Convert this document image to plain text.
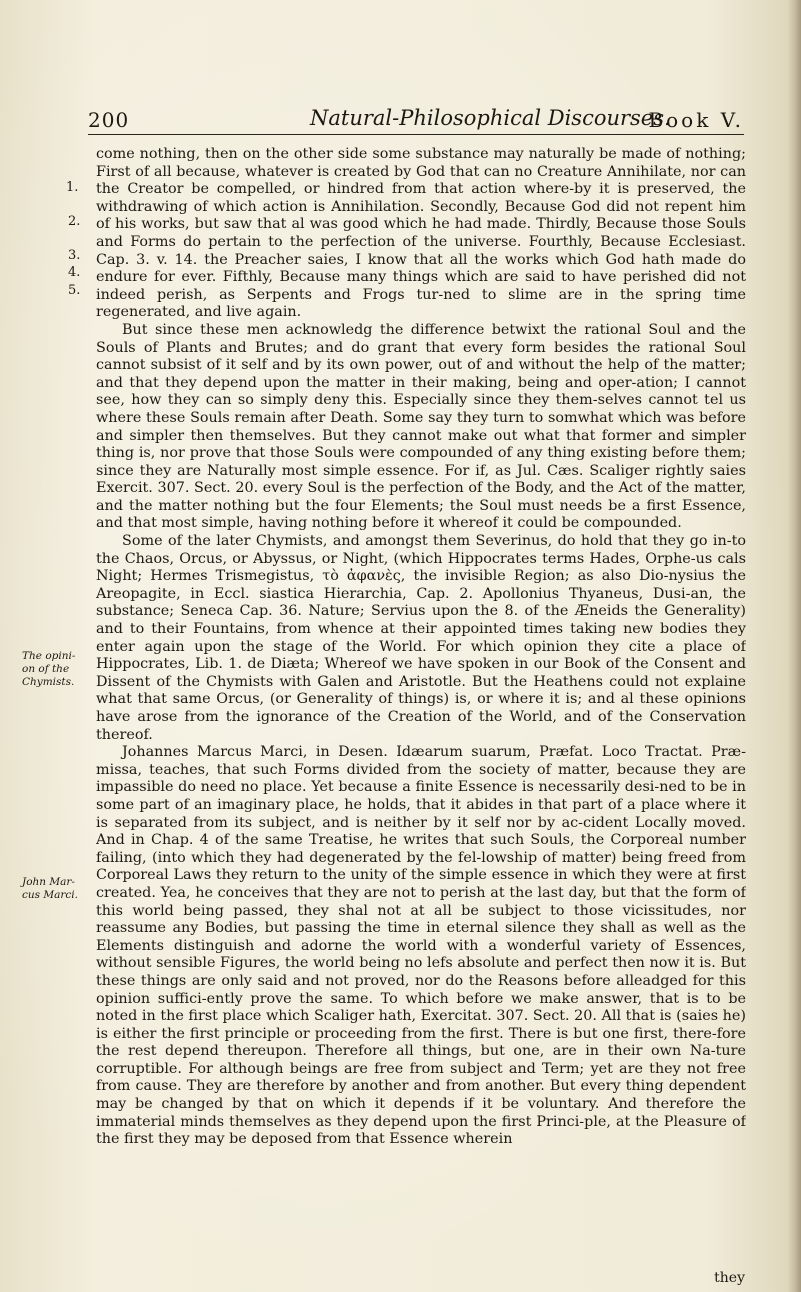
200	Natural-Philosophical Discourses.
Book V.
1.
2.
3.
4.
5.
The opini-
on of the
Chymists.
John Mar-
cus Marci.

come nothing, then on the other side some substance may naturally be made of nothing; First of all because, whatever is created by God that can no Creature Annihilate, nor can the Creator be compelled, or hindred from that action where-by it is preserved, the withdrawing of which action is Annihilation. Secondly, Because God did not repent him of his works, but saw that al was good which he had made. Thirdly, Because those Souls and Forms do pertain to the perfection of the universe. Fourthly, Because Ecclesiast. Cap. 3. v. 14. the Preacher saies, I know that all the works which God hath made do endure for ever. Fifthly, Because many things which are said to have perished did not indeed perish, as Serpents and Frogs tur-ned to slime are in the spring time regenerated, and live again.

But since these men acknowledg the difference betwixt the rational Soul and the Souls of Plants and Brutes; and do grant that every form besides the rational Soul cannot subsist of it self and by its own power, out of and without the help of the matter; and that they depend upon the matter in their making, being and oper-ation; I cannot see, how they can so simply deny this. Especially since they them-selves cannot tel us where these Souls remain after Death. Some say they turn to somwhat which was before and simpler then themselves. But they cannot make out what that former and simpler thing is, nor prove that those Souls were compounded of any thing existing before them; since they are Naturally most simple essence. For if, as Jul. Cæs. Scaliger rightly saies Exercit. 307. Sect. 20. every Soul is the perfection of the Body, and the Act of the matter, and the matter nothing but the four Elements; the Soul must needs be a first Essence, and that most simple, having nothing before it whereof it could be compounded.

Some of the later Chymists, and amongst them Severinus, do hold that they go in-to the Chaos, Orcus, or Abyssus, or Night, (which Hippocrates terms Hades, Orphe-us cals Night; Hermes Trismegistus, τὸ ἀφανὲς, the invisible Region; as also Dio-nysius the Areopagite, in Eccl. siastica Hierarchia, Cap. 2. Apollonius Thyaneus, Dusi-an, the substance; Seneca Cap. 36. Nature; Servius upon the 8. of the Æneids the Generality) and to their Fountains, from whence at their appointed times taking new bodies they enter again upon the stage of the World. For which opinion they cite a place of Hippocrates, Lib. 1. de Diæta; Whereof we have spoken in our Book of the Consent and Dissent of the Chymists with Galen and Aristotle. But the Heathens could not explaine what that same Orcus, (or Generality of things) is, or where it is; and al these opinions have arose from the ignorance of the Creation of the World, and of the Conservation thereof.

Johannes Marcus Marci, in Desen. Idæarum suarum, Præfat. Loco Tractat. Præ-missa, teaches, that such Forms divided from the society of matter, because they are impassible do need no place. Yet because a finite Essence is necessarily desi-ned to be in some part of an imaginary place, he holds, that it abides in that part of a place where it is separated from its subject, and is neither by it self nor by ac-cident Locally moved. And in Chap. 4 of the same Treatise, he writes that such Souls, the Corporeal number failing, (into which they had degenerated by the fel-lowship of matter) being freed from Corporeal Laws they return to the unity of the simple essence in which they were at first created. Yea, he conceives that they are not to perish at the last day, but that the form of this world being passed, they shal not at all be subject to those vicissitudes, nor reassume any Bodies, but passing the time in eternal silence they shall as well as the Elements distinguish and adorne the world with a wonderful variety of Essences, without sensible Figures, the world being no lefs absolute and perfect then now it is. But these things are only said and not proved, nor do the Reasons before alleadged for this opinion suffici-ently prove the same. To which before we make answer, that is to be noted in the first place which Scaliger hath, Exercitat. 307. Sect. 20. All that is (saies he) is either the first principle or proceeding from the first. There is but one first, there-fore the rest depend thereupon. Therefore all things, but one, are in their own Na-ture corruptible. For although beings are free from subject and Term; yet are they not free from cause. They are therefore by another and from another. But every thing dependent may be changed by that on which it depends if it be voluntary. And therefore the immaterial minds themselves as they depend upon the first Princi-ple, at the Pleasure of the first they may be deposed from that Essence wherein

they
